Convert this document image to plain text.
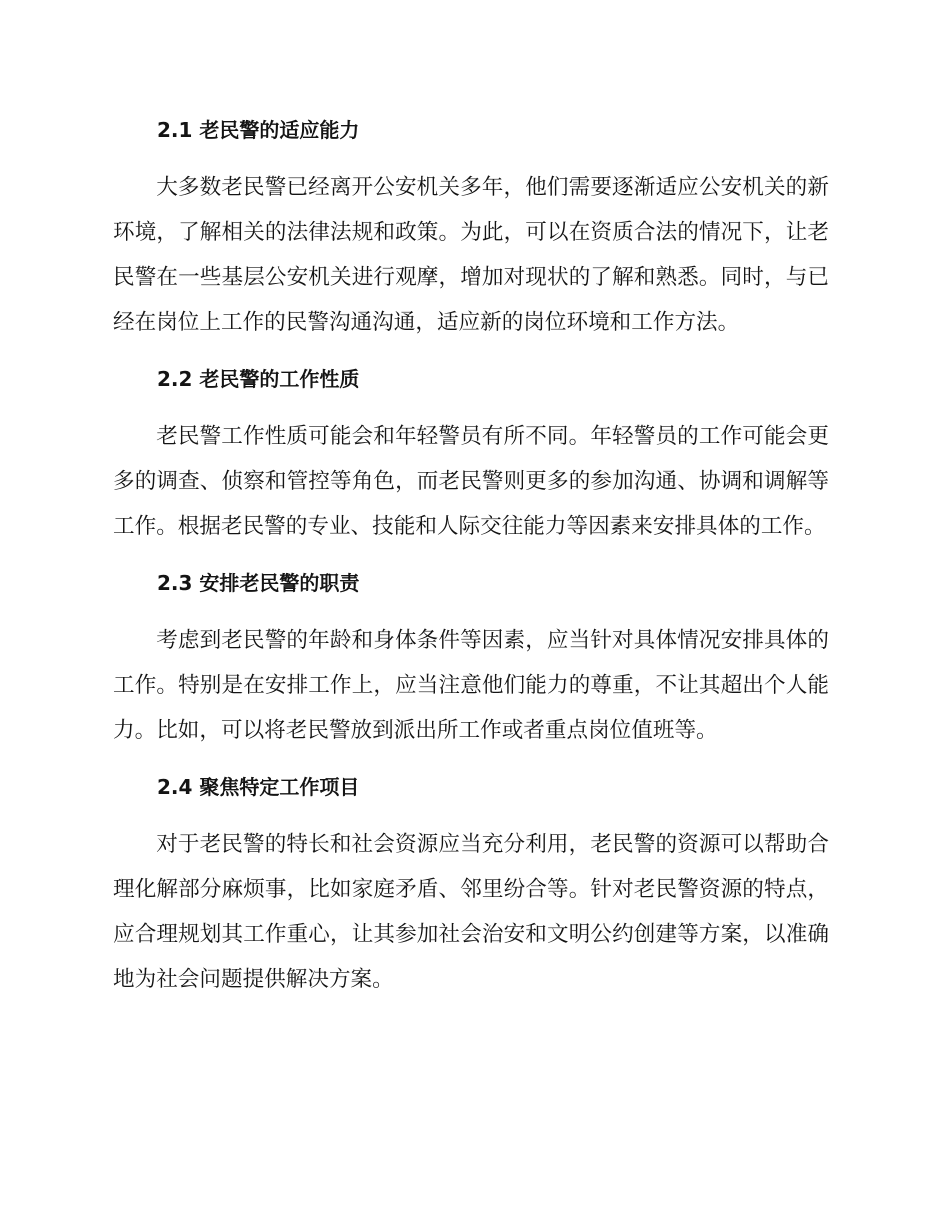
2.1 老民警的适应能力
大多数老民警已经离开公安机关多年，他们需要逐渐适应公安机关的新
环境，了解相关的法律法规和政策。为此，可以在资质合法的情况下，让老
民警在一些基层公安机关进行观摩，增加对现状的了解和熟悉。同时，与已
经在岗位上工作的民警沟通沟通，适应新的岗位环境和工作方法。
2.2 老民警的工作性质
老民警工作性质可能会和年轻警员有所不同。年轻警员的工作可能会更
多的调查、侦察和管控等角色，而老民警则更多的参加沟通、协调和调解等
工作。根据老民警的专业、技能和人际交往能力等因素来安排具体的工作。
2.3 安排老民警的职责
考虑到老民警的年龄和身体条件等因素，应当针对具体情况安排具体的
工作。特别是在安排工作上，应当注意他们能力的尊重，不让其超出个人能
力。比如，可以将老民警放到派出所工作或者重点岗位值班等。
2.4 聚焦特定工作项目
对于老民警的特长和社会资源应当充分利用，老民警的资源可以帮助合
理化解部分麻烦事，比如家庭矛盾、邻里纷合等。针对老民警资源的特点，
应合理规划其工作重心，让其参加社会治安和文明公约创建等方案，以准确
地为社会问题提供解决方案。
